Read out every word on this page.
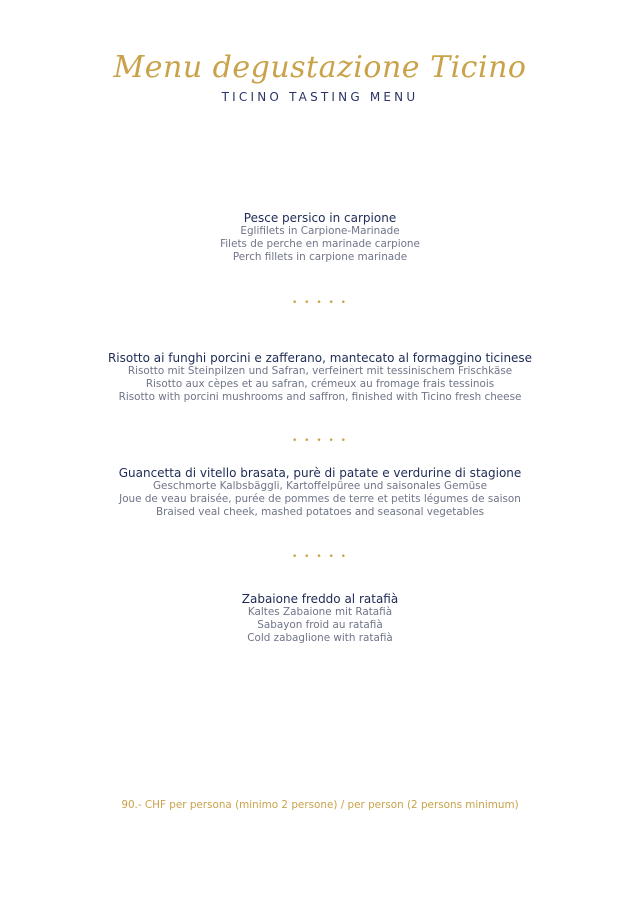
Menu degustazione Ticino
TICINO TASTING MENU
Pesce persico in carpione
Eglifilets in Carpione-Marinade
Filets de perche en marinade carpione
Perch fillets in carpione marinade
• • • • •
Risotto ai funghi porcini e zafferano, mantecato al formaggino ticinese
Risotto mit Steinpilzen und Safran, verfeinert mit tessinischem Frischkäse
Risotto aux cèpes et au safran, crémeux au fromage frais tessinois
Risotto with porcini mushrooms and saffron, finished with Ticino fresh cheese
• • • • •
Guancetta di vitello brasata, purè di patate e verdurine di stagione
Geschmorte Kalbsbäggli, Kartoffelpüree und saisonales Gemüse
Joue de veau braisée, purée de pommes de terre et petits légumes de saison
Braised veal cheek, mashed potatoes and seasonal vegetables
• • • • •
Zabaione freddo al ratafià
Kaltes Zabaione mit Ratafià
Sabayon froid au ratafià
Cold zabaglione with ratafià
90.- CHF per persona (minimo 2 persone) / per person (2 persons minimum)
